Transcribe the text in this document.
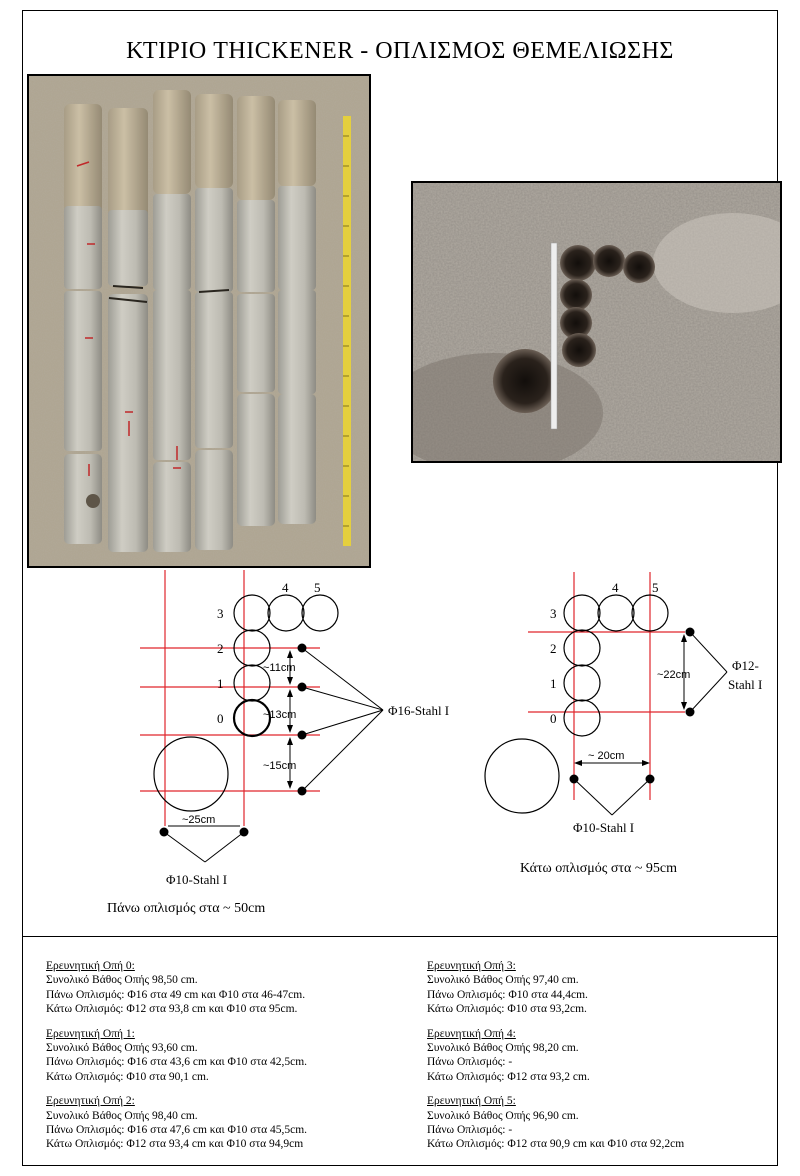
ΚΤΙΡΙΟ THICKENER - ΟΠΛΙΣΜΟΣ ΘΕΜΕΛΙΩΣΗΣ
3
2
1
0
4 5
~11cm
~13cm
~15cm
~25cm
Φ16-Stahl I
Φ10-Stahl I
3
2
1
0
4	5
~22cm
~ 20cm
Φ12-
Stahl I
Φ10-Stahl I
Πάνω οπλισμός στα ~ 50cm
Κάτω οπλισμός στα ~ 95cm
Ερευνητική Οπή 0:
Συνολικό Βάθος Οπής 98,50 cm.
Πάνω Οπλισμός: Φ16 στα 49 cm και Φ10 στα 46-47cm.
Κάτω Οπλισμός: Φ12 στα 93,8 cm και Φ10 στα 95cm.
Ερευνητική Οπή 1:
Συνολικό Βάθος Οπής 93,60 cm.
Πάνω Οπλισμός: Φ16 στα 43,6 cm και Φ10 στα 42,5cm.
Κάτω Οπλισμός: Φ10 στα 90,1 cm.
Ερευνητική Οπή 2:
Συνολικό Βάθος Οπής 98,40 cm.
Πάνω Οπλισμός: Φ16 στα 47,6 cm και Φ10 στα 45,5cm.
Κάτω Οπλισμός: Φ12 στα 93,4 cm και Φ10 στα 94,9cm
Ερευνητική Οπή 3:
Συνολικό Βάθος Οπής 97,40 cm.
Πάνω Οπλισμός: Φ10 στα 44,4cm.
Κάτω Οπλισμός: Φ10 στα 93,2cm.
Ερευνητική Οπή 4:
Συνολικό Βάθος Οπής 98,20 cm.
Πάνω Οπλισμός: -
Κάτω Οπλισμός: Φ12 στα 93,2 cm.
Ερευνητική Οπή 5:
Συνολικό Βάθος Οπής 96,90 cm.
Πάνω Οπλισμός: -
Κάτω Οπλισμός: Φ12 στα 90,9 cm και Φ10 στα 92,2cm
